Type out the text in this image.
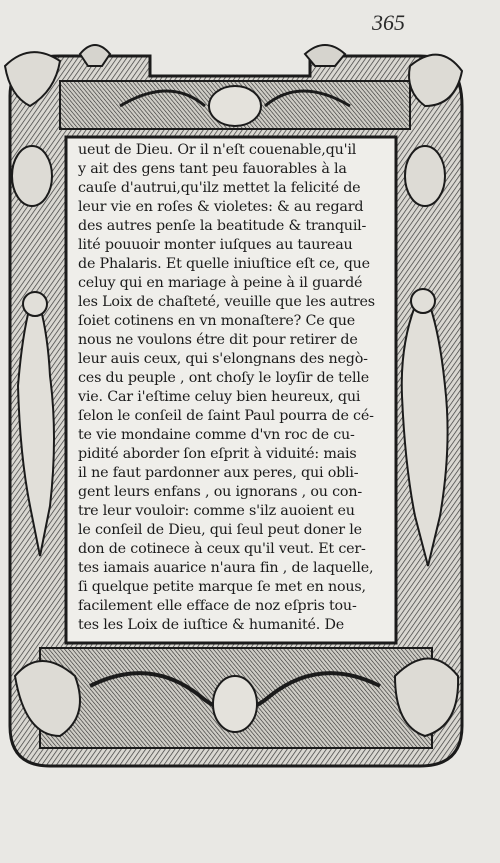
365
ueut de Dieu. Or il n'eſt couenable,qu'il
y ait des gens tant peu fauorables à la
cauſe d'autrui,qu'ilz mettet la felicité de
leur vie en roſes & violetes: & au regard
des autres penſe la beatitude & tranquil-
lité pouuoir monter iuſques au taureau
de Phalaris. Et quelle iniuſtice eſt ce, que
celuy qui en mariage à peine à il guardé
les Loix de chaſteté, veuille que les autres
ſoiet cotinens en vn monaſtere? Ce que
nous ne voulons étre dit pour retirer de
leur auis ceux, qui s'elongnans des negò-
ces du peuple , ont choſy le loyſir de telle
vie. Car i'eſtime celuy bien heureux, qui
ſelon le conſeil de ſaint Paul pourra de cé-
te vie mondaine comme d'vn roc de cu-
pidité aborder ſon eſprit à viduité: mais
il ne faut pardonner aux peres, qui obli-
gent leurs enfans , ou ignorans , ou con-
tre leur vouloir: comme s'ilz auoient eu
le conſeil de Dieu, qui ſeul peut doner le
don de cotinece à ceux qu'il veut. Et cer-
tes iamais auarice n'aura fin , de laquelle,
ſi quelque petite marque ſe met en nous,
facilement elle efface de noz eſpris tou-
tes les Loix de iuſtice & humanité. De
